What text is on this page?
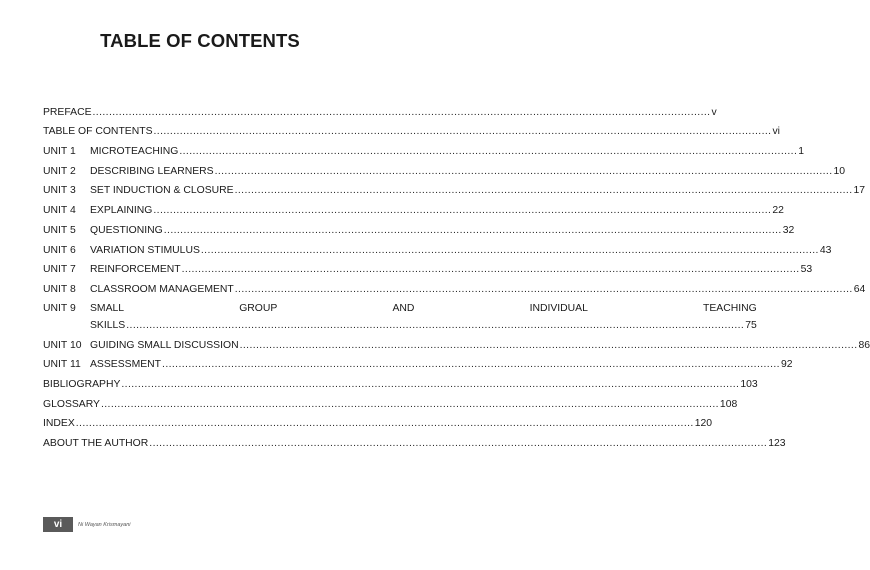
TABLE OF CONTENTS
PREFACE .....	v
TABLE OF CONTENTS .....	vi
UNIT 1	MICROTEACHING .....	1
UNIT 2	DESCRIBING LEARNERS .....	10
UNIT 3	SET INDUCTION & CLOSURE .....	17
UNIT 4	EXPLAINING .....	22
UNIT 5	QUESTIONING .....	32
UNIT 6	VARIATION STIMULUS .....	43
UNIT 7	REINFORCEMENT .....	53
UNIT 8	CLASSROOM MANAGEMENT .....	64
UNIT 9	SMALL	GROUP	AND	INDIVIDUAL	TEACHING
SKILLS .....	75
UNIT 10 GUIDING SMALL DISCUSSION .....	86
UNIT 11 ASSESSMENT .....	92
BIBLIOGRAPHY .....	103
GLOSSARY .....	108
INDEX .....	120
ABOUT THE AUTHOR .....	123
vi	Ni Wayan Krismayani
